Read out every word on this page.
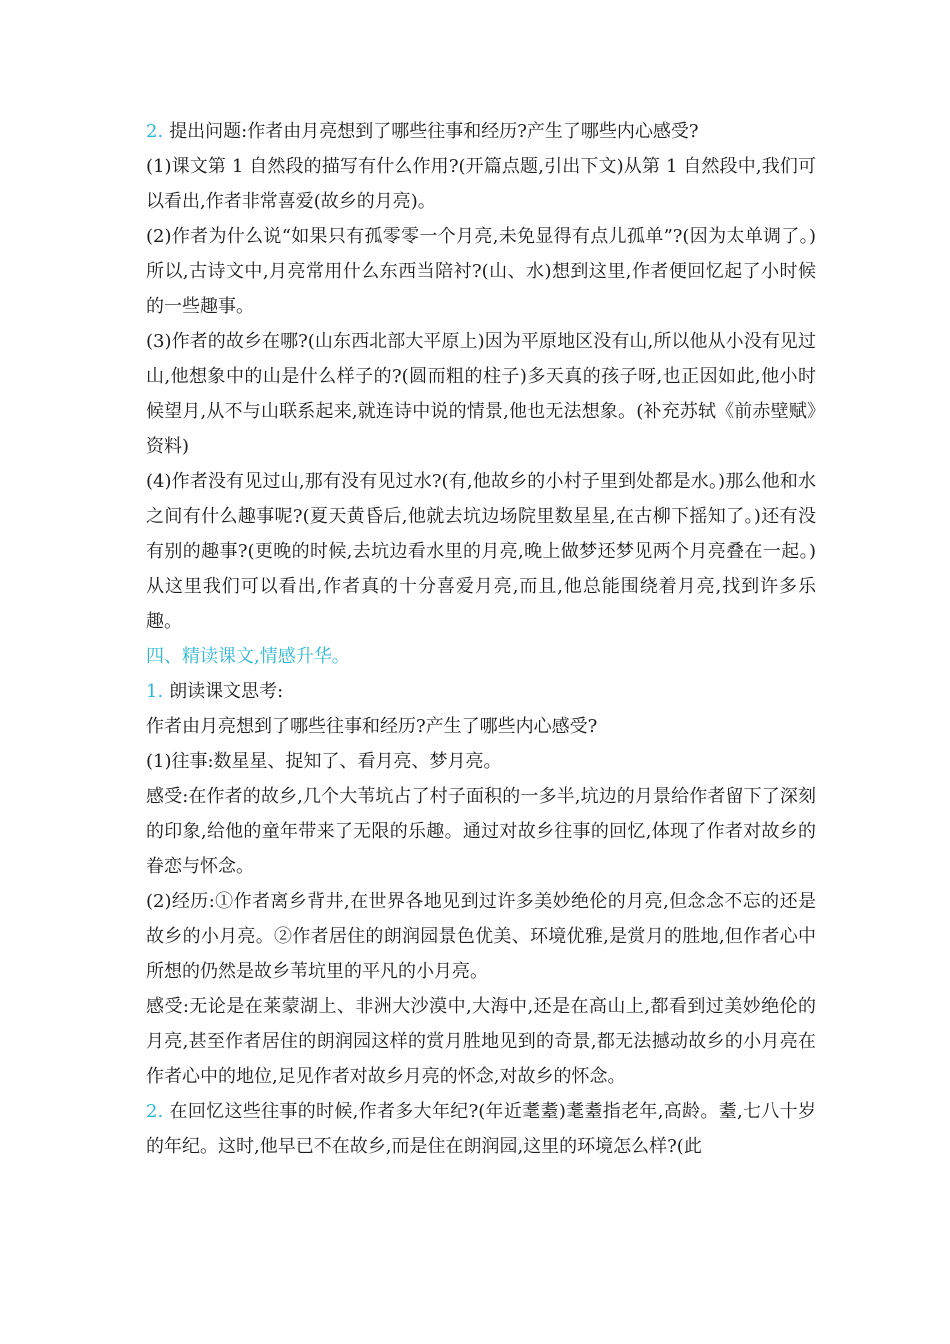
2. 提出问题:作者由月亮想到了哪些往事和经历?产生了哪些内心感受?

(1)课文第 1 自然段的描写有什么作用?(开篇点题,引出下文)从第 1 自然段中,我们可以看出,作者非常喜爱(故乡的月亮)。

(2)作者为什么说“如果只有孤零零一个月亮,未免显得有点儿孤单”?(因为太单调了。)所以,古诗文中,月亮常用什么东西当陪衬?(山、水)想到这里,作者便回忆起了小时候的一些趣事。

(3)作者的故乡在哪?(山东西北部大平原上)因为平原地区没有山,所以他从小没有见过山,他想象中的山是什么样子的?(圆而粗的柱子)多天真的孩子呀,也正因如此,他小时候望月,从不与山联系起来,就连诗中说的情景,他也无法想象。(补充苏轼《前赤壁赋》资料)

(4)作者没有见过山,那有没有见过水?(有,他故乡的小村子里到处都是水。)那么他和水之间有什么趣事呢?(夏天黄昏后,他就去坑边场院里数星星,在古柳下摇知了。)还有没有别的趣事?(更晚的时候,去坑边看水里的月亮,晚上做梦还梦见两个月亮叠在一起。)从这里我们可以看出,作者真的十分喜爱月亮,而且,他总能围绕着月亮,找到许多乐趣。

四、精读课文,情感升华。

1. 朗读课文思考:

作者由月亮想到了哪些往事和经历?产生了哪些内心感受?

(1)往事:数星星、捉知了、看月亮、梦月亮。

感受:在作者的故乡,几个大苇坑占了村子面积的一多半,坑边的月景给作者留下了深刻的印象,给他的童年带来了无限的乐趣。通过对故乡往事的回忆,体现了作者对故乡的眷恋与怀念。

(2)经历:①作者离乡背井,在世界各地见到过许多美妙绝伦的月亮,但念念不忘的还是故乡的小月亮。②作者居住的朗润园景色优美、环境优雅,是赏月的胜地,但作者心中所想的仍然是故乡苇坑里的平凡的小月亮。

感受:无论是在莱蒙湖上、非洲大沙漠中,大海中,还是在高山上,都看到过美妙绝伦的月亮,甚至作者居住的朗润园这样的赏月胜地见到的奇景,都无法撼动故乡的小月亮在作者心中的地位,足见作者对故乡月亮的怀念,对故乡的怀念。

2. 在回忆这些往事的时候,作者多大年纪?(年近耄耋)耄耋指老年,高龄。耋,七八十岁的年纪。这时,他早已不在故乡,而是住在朗润园,这里的环境怎么样?(此
